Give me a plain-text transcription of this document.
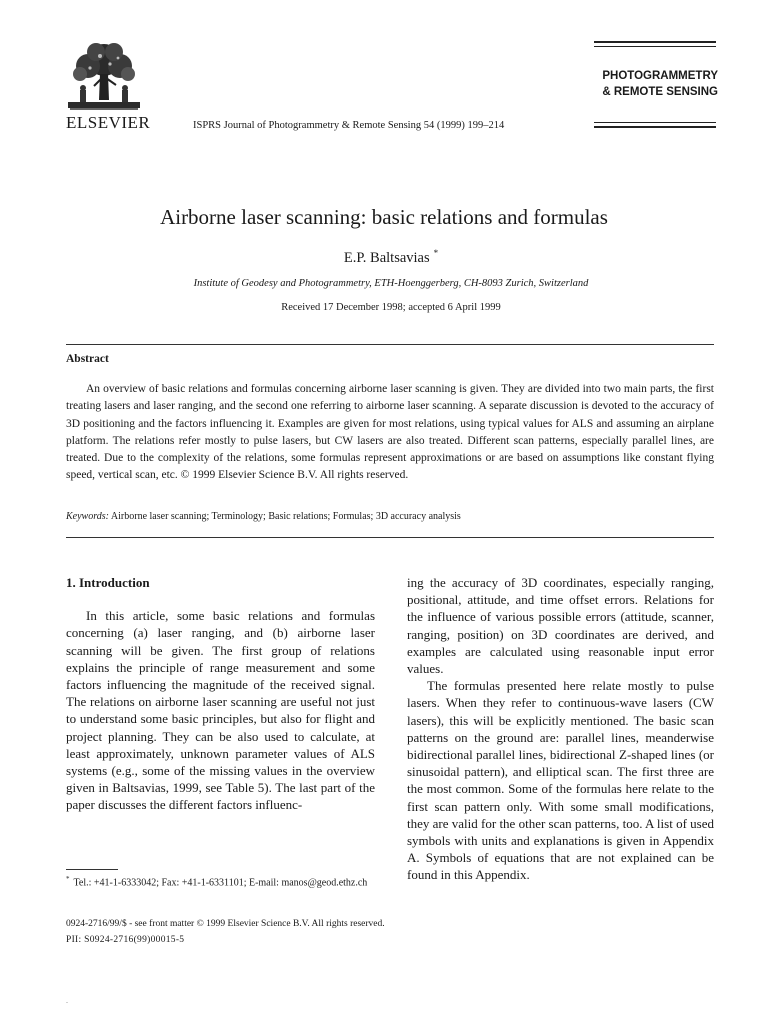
ELSEVIER	ISPRS Journal of Photogrammetry & Remote Sensing 54 (1999) 199–214
PHOTOGRAMMETRY
& REMOTE SENSING
Airborne laser scanning: basic relations and formulas
E.P. Baltsavias *
Institute of Geodesy and Photogrammetry, ETH-Hoenggerberg, CH-8093 Zurich, Switzerland
Received 17 December 1998; accepted 6 April 1999
Abstract
An overview of basic relations and formulas concerning airborne laser scanning is given. They are divided into two main parts, the first treating lasers and laser ranging, and the second one referring to airborne laser scanning. A separate discussion is devoted to the accuracy of 3D positioning and the factors influencing it. Examples are given for most relations, using typical values for ALS and assuming an airplane platform. The relations refer mostly to pulse lasers, but CW lasers are also treated. Different scan patterns, especially parallel lines, are treated. Due to the complexity of the relations, some formulas represent approximations or are based on assumptions like constant flying speed, vertical scan, etc. © 1999 Elsevier Science B.V. All rights reserved.
Keywords: Airborne laser scanning; Terminology; Basic relations; Formulas; 3D accuracy analysis
1. Introduction

In this article, some basic relations and formulas concerning (a) laser ranging, and (b) airborne laser scanning will be given. The first group of relations explains the principle of range measurement and some factors influencing the magnitude of the received signal. The relations on airborne laser scanning are useful not just to understand some basic principles, but also for flight and project planning. They can be also used to calculate, at least approximately, unknown parameter values of ALS systems (e.g., some of the missing values in the overview given in Baltsavias, 1999, see Table 5). The last part of the paper discusses the different factors influenc-

ing the accuracy of 3D coordinates, especially ranging, positional, attitude, and time offset errors. Relations for the influence of various possible errors (attitude, scanner, ranging, position) on 3D coordinates are derived, and examples are calculated using reasonable input error values.

The formulas presented here relate mostly to pulse lasers. When they refer to continuous-wave lasers (CW lasers), this will be explicitly mentioned. The basic scan patterns on the ground are: parallel lines, meanderwise bidirectional parallel lines, bidirectional Z-shaped lines (or sinusoidal pattern), and elliptical scan. The first three are the most common. Some of the formulas here relate to the first scan pattern only. With some small modifications, they are valid for the other scan patterns, too. A list of used symbols with units and explanations is given in Appendix A. Symbols of equations that are not explained can be found in this Appendix.

* Tel.: +41-1-6333042; Fax: +41-1-6331101; E-mail: manos@geod.ethz.ch
0924-2716/99/$ - see front matter © 1999 Elsevier Science B.V. All rights reserved.
PII: S0924-2716(99)00015-5
.
